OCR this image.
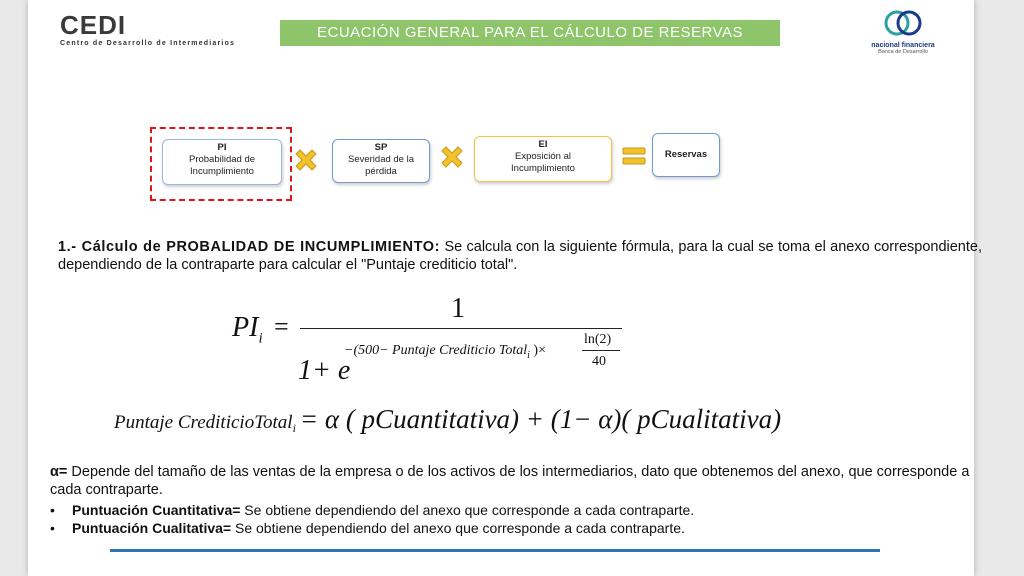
CEDI
Centro de Desarrollo de Intermediarios
ECUACIÓN GENERAL PARA EL CÁLCULO DE RESERVAS
nacional financiera
Banca de Desarrollo
PI
Probabilidad de Incumplimiento
SP
Severidad de la pérdida
EI
Exposición al Incumplimiento
Reservas
1.- Cálculo de PROBALIDAD DE INCUMPLIMIENTO: Se calcula con la siguiente fórmula, para la cual se toma el anexo correspondiente, dependiendo de la contraparte para calcular el "Puntaje crediticio total".
$PI_i$ =
1
1+ e
−(500− Puntaje Crediticio Total$_i$ )×
ln(2)
40
Puntaje CrediticioTotal$_i$ = α ( pCuantitativa) + (1− α)( pCualitativa)
α= Depende del tamaño de las ventas de la empresa o de los activos de los intermediarios, dato que obtenemos del anexo, que corresponde a cada contraparte.
• Puntuación Cuantitativa= Se obtiene dependiendo del anexo que corresponde a cada contraparte.
• Puntuación Cualitativa= Se obtiene dependiendo del anexo que corresponde a cada contraparte.
